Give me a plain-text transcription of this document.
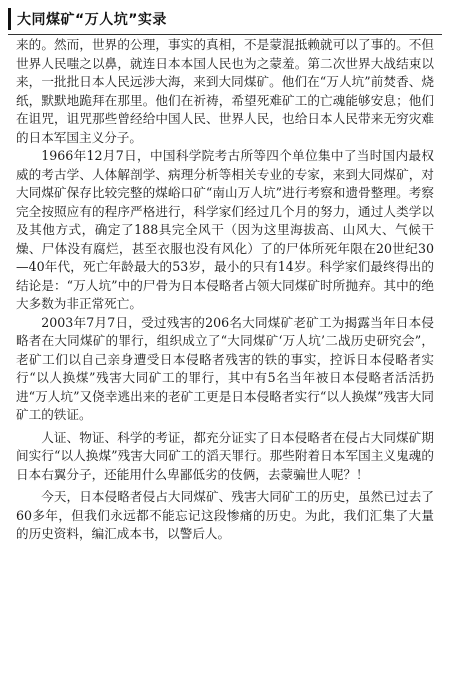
大同煤矿“万人坑”实录

来的。然而，世界的公理，事实的真相，不是蒙混抵赖就可以了事的。不但世界人民嗤之以鼻，就连日本本国人民也为之蒙羞。第二次世界大战结束以来，一批批日本人民远涉大海，来到大同煤矿。他们在“万人坑”前焚香、烧纸，默默地跪拜在那里。他们在祈祷，希望死难矿工的亡魂能够安息；他们在诅咒，诅咒那些曾经给中国人民、世界人民，也给日本人民带来无穷灾难的日本军国主义分子。

1966年12月7日，中国科学院考古所等四个单位集中了当时国内最权威的考古学、人体解剖学、病理分析等相关专业的专家，来到大同煤矿，对大同煤矿保存比较完整的煤峪口矿“南山万人坑”进行考察和遗骨整理。考察完全按照应有的程序严格进行，科学家们经过几个月的努力，通过人类学以及其他方式，确定了188具完全风干（因为这里海拔高、山风大、气候干燥、尸体没有腐烂，甚至衣服也没有风化）了的尸体所死年限在20世纪30—40年代，死亡年龄最大的53岁，最小的只有14岁。科学家们最终得出的结论是：“万人坑”中的尸骨为日本侵略者占领大同煤矿时所抛弃。其中的绝大多数为非正常死亡。

2003年7月7日，受过残害的206名大同煤矿老矿工为揭露当年日本侵略者在大同煤矿的罪行，组织成立了“大同煤矿‘万人坑’二战历史研究会”，老矿工们以自己亲身遭受日本侵略者残害的铁的事实，控诉日本侵略者实行“以人换煤”残害大同矿工的罪行，其中有5名当年被日本侵略者活活扔进“万人坑”又侥幸逃出来的老矿工更是日本侵略者实行“以人换煤”残害大同矿工的铁证。

人证、物证、科学的考证，都充分证实了日本侵略者在侵占大同煤矿期间实行“以人换煤”残害大同矿工的滔天罪行。那些附着日本军国主义鬼魂的日本右翼分子，还能用什么卑鄙低劣的伎俩，去蒙骗世人呢？！

今天，日本侵略者侵占大同煤矿、残害大同矿工的历史，虽然已过去了60多年，但我们永远都不能忘记这段惨痛的历史。为此，我们汇集了大量的历史资料，编汇成本书，以警后人。
